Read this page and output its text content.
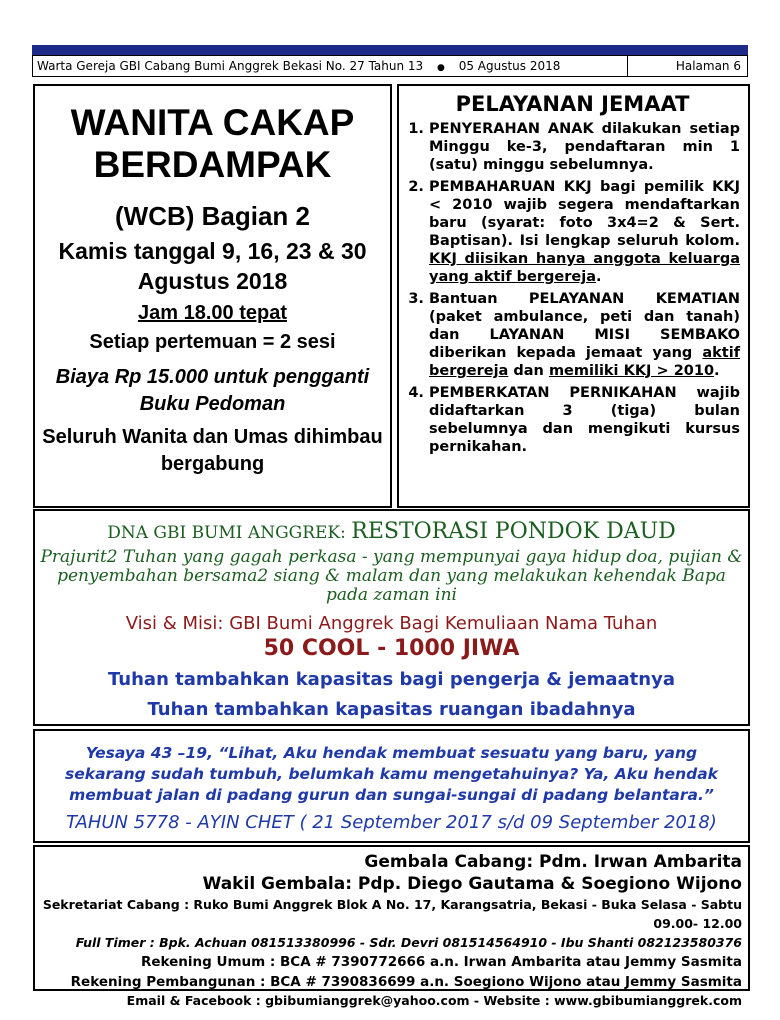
Warta Gereja GBI Cabang Bumi Anggrek Bekasi No. 27 Tahun 13 ● 05 Agustus 2018	Halaman 6
WANITA CAKAP
BERDAMPAK
(WCB) Bagian 2
Kamis tanggal 9, 16, 23 & 30 Agustus 2018
Jam 18.00 tepat
Setiap pertemuan = 2 sesi
Biaya Rp 15.000 untuk pengganti Buku Pedoman
Seluruh Wanita dan Umas dihimbau bergabung
PELAYANAN JEMAAT
1. PENYERAHAN ANAK dilakukan setiap Minggu ke-3, pendaftaran min 1 (satu) minggu sebelumnya.
2. PEMBAHARUAN KKJ bagi pemilik KKJ < 2010 wajib segera mendaftarkan baru (syarat: foto 3x4=2 & Sert. Baptisan). Isi lengkap seluruh kolom. KKJ diisikan hanya anggota keluarga yang aktif bergereja.
3. Bantuan PELAYANAN KEMATIAN (paket ambulance, peti dan tanah) dan LAYANAN MISI SEMBAKO diberikan kepada jemaat yang aktif bergereja dan memiliki KKJ > 2010.
4. PEMBERKATAN PERNIKAHAN wajib didaftarkan 3 (tiga) bulan sebelumnya dan mengikuti kursus pernikahan.
DNA GBI BUMI ANGGREK: RESTORASI PONDOK DAUD
Prajurit2 Tuhan yang gagah perkasa - yang mempunyai gaya hidup doa, pujian & penyembahan bersama2 siang & malam dan yang melakukan kehendak Bapa pada zaman ini
Visi & Misi: GBI Bumi Anggrek Bagi Kemuliaan Nama Tuhan
50 COOL - 1000 JIWA
Tuhan tambahkan kapasitas bagi pengerja & jemaatnya
Tuhan tambahkan kapasitas ruangan ibadahnya
Yesaya 43 –19, “Lihat, Aku hendak membuat sesuatu yang baru, yang sekarang sudah tumbuh, belumkah kamu mengetahuinya? Ya, Aku hendak membuat jalan di padang gurun dan sungai-sungai di padang belantara.”
TAHUN 5778 - AYIN CHET ( 21 September 2017 s/d 09 September 2018)
Gembala Cabang: Pdm. Irwan Ambarita
Wakil Gembala: Pdp. Diego Gautama & Soegiono Wijono
Sekretariat Cabang : Ruko Bumi Anggrek Blok A No. 17, Karangsatria, Bekasi - Buka Selasa - Sabtu 09.00- 12.00
Full Timer : Bpk. Achuan 081513380996 - Sdr. Devri 081514564910 - Ibu Shanti 082123580376
Rekening Umum : BCA # 7390772666 a.n. Irwan Ambarita atau Jemmy Sasmita
Rekening Pembangunan : BCA # 7390836699 a.n. Soegiono Wijono atau Jemmy Sasmita
Email & Facebook : gbibumianggrek@yahoo.com - Website : www.gbibumianggrek.com
